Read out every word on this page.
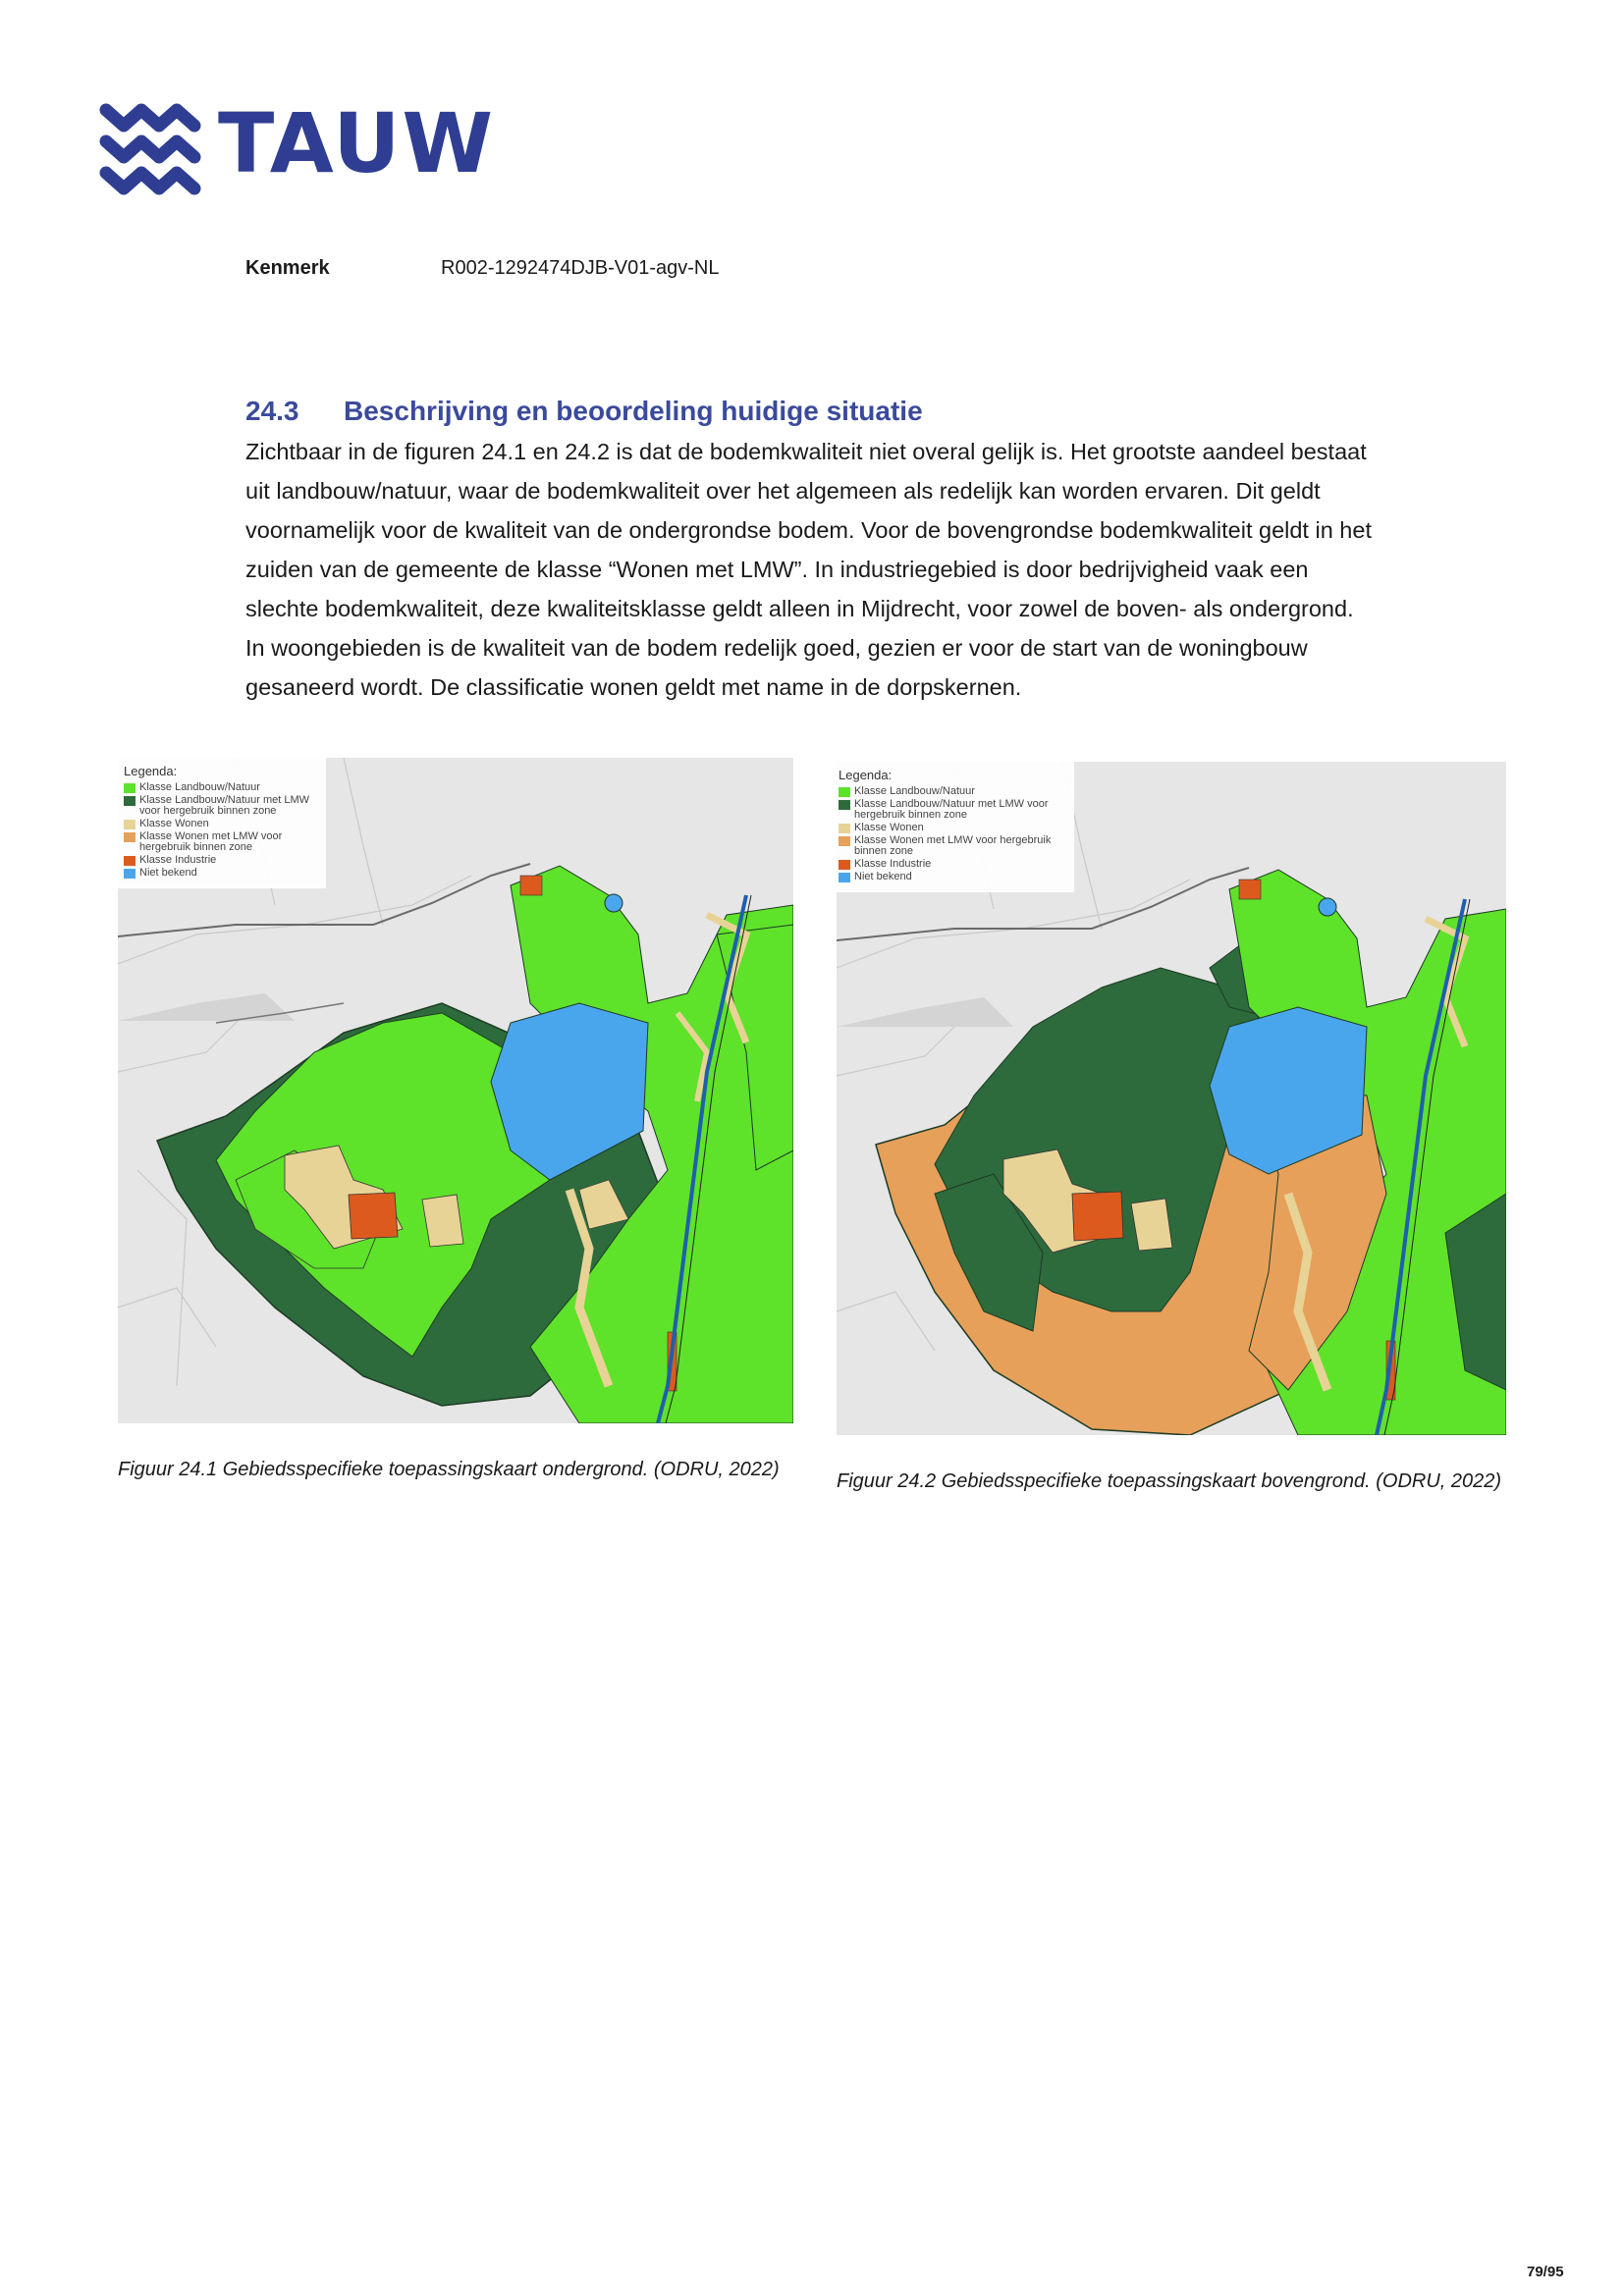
TAUW
Kenmerk	R002-1292474DJB-V01-agv-NL
24.3 Beschrijving en beoordeling huidige situatie

Zichtbaar in de figuren 24.1 en 24.2 is dat de bodemkwaliteit niet overal gelijk is. Het grootste aandeel bestaat uit landbouw/natuur, waar de bodemkwaliteit over het algemeen als redelijk kan worden ervaren. Dit geldt voornamelijk voor de kwaliteit van de ondergrondse bodem. Voor de bovengrondse bodemkwaliteit geldt in het zuiden van de gemeente de klasse “Wonen met LMW”. In industriegebied is door bedrijvigheid vaak een slechte bodemkwaliteit, deze kwaliteitsklasse geldt alleen in Mijdrecht, voor zowel de boven- als ondergrond. In woongebieden is de kwaliteit van de bodem redelijk goed, gezien er voor de start van de woningbouw gesaneerd wordt. De classificatie wonen geldt met name in de dorpskernen.

Legenda:
Klasse Landbouw/Natuur
Klasse Landbouw/Natuur met LMW voor hergebruik binnen zone
Klasse Wonen
Klasse Wonen met LMW voor hergebruik binnen zone
Klasse Industrie
Niet bekend
Legenda:
Klasse Landbouw/Natuur
Klasse Landbouw/Natuur met LMW voor hergebruik binnen zone
Klasse Wonen
Klasse Wonen met LMW voor hergebruik binnen zone
Klasse Industrie
Niet bekend
Figuur 24.1 Gebiedsspecifieke toepassingskaart ondergrond. (ODRU, 2022)
Figuur 24.2 Gebiedsspecifieke toepassingskaart bovengrond. (ODRU, 2022)
79/95
